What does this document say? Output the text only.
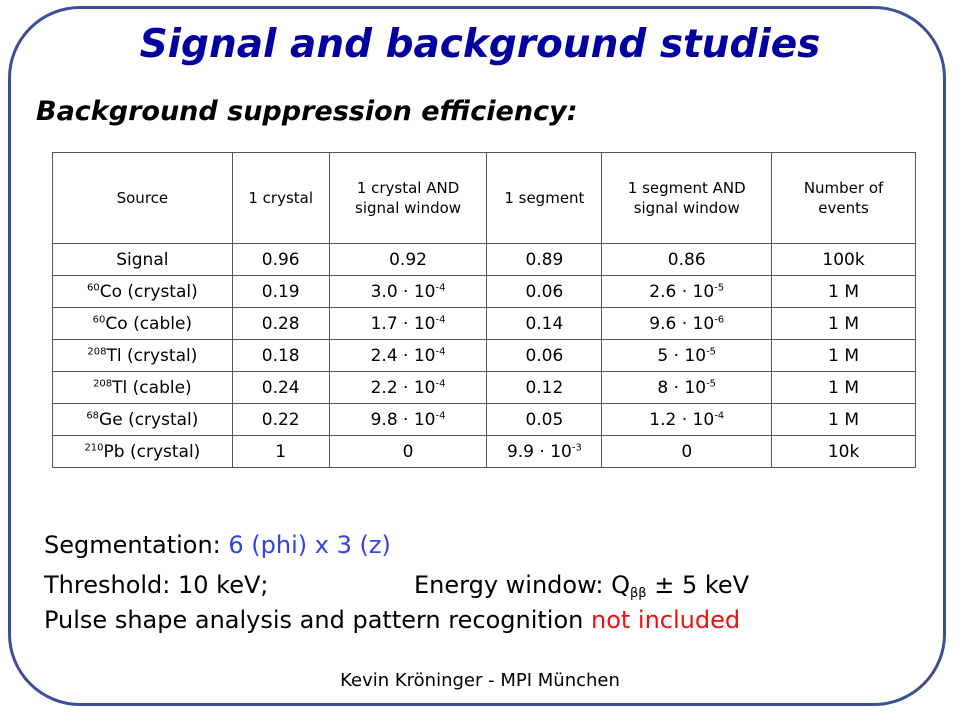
Signal and background studies
Background suppression efficiency:
Source	1 crystal	1 crystal AND signal window	1 segment	1 segment AND signal window	Number of events
Signal	0.96	0.92	0.89	0.86	100k
$^{60}$Co (crystal)	0.19	$3.0 \cdot 10^{-4}$	0.06	$2.6 \cdot 10^{-5}$	1 M
$^{60}$Co (cable)	0.28	$1.7 \cdot 10^{-4}$	0.14	$9.6 \cdot 10^{-6}$	1 M
$^{208}$Tl (crystal)	0.18	$2.4 \cdot 10^{-4}$	0.06	$5 \cdot 10^{-5}$	1 M
$^{208}$Tl (cable)	0.24	$2.2 \cdot 10^{-4}$	0.12	$8 \cdot 10^{-5}$	1 M
$^{68}$Ge (crystal)	0.22	$9.8 \cdot 10^{-4}$	0.05	$1.2 \cdot 10^{-4}$	1 M
$^{210}$Pb (crystal)	1	0	$9.9 \cdot 10^{-3}$	0	10k
Segmentation: 6 (phi) x 3 (z)
Threshold: 10 keV;	Energy window: Qββ ± 5 keV
Pulse shape analysis and pattern recognition not included
Kevin Kröninger - MPI München
